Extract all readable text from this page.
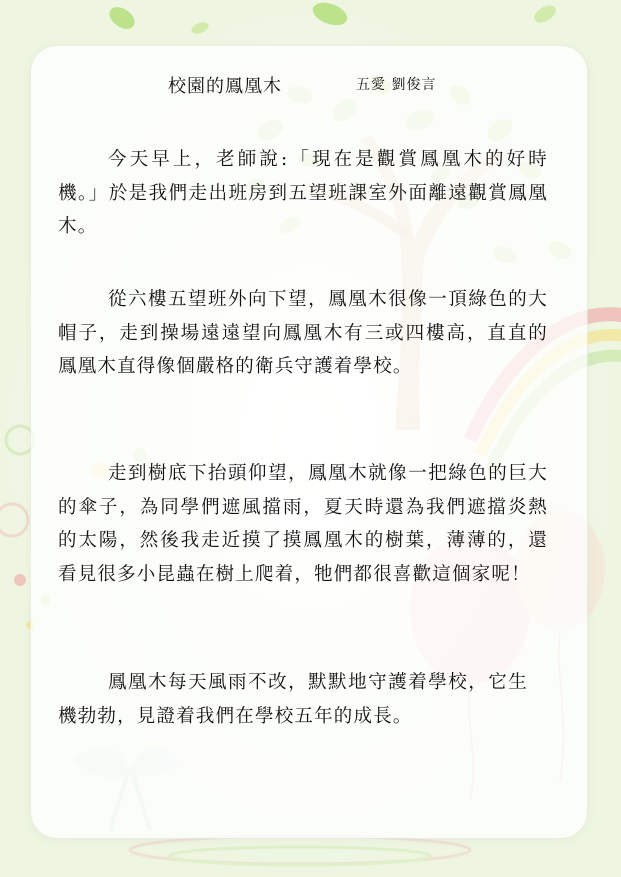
校園的鳳凰木	五愛 劉俊言

今天早上，老師說:「現在是觀賞鳳凰木的好時機。」於是我們走出班房到五望班課室外面離遠觀賞鳳凰木。

從六樓五望班外向下望，鳳凰木很像一頂綠色的大帽子，走到操場遠遠望向鳳凰木有三或四樓高，直直的鳳凰木直得像個嚴格的衛兵守護着學校。

走到樹底下抬頭仰望，鳳凰木就像一把綠色的巨大的傘子，為同學們遮風擋雨，夏天時還為我們遮擋炎熱的太陽，然後我走近摸了摸鳳凰木的樹葉，薄薄的，還看見很多小昆蟲在樹上爬着，牠們都很喜歡這個家呢！

鳳凰木每天風雨不改，默默地守護着學校，它生機勃勃，見證着我們在學校五年的成長。
